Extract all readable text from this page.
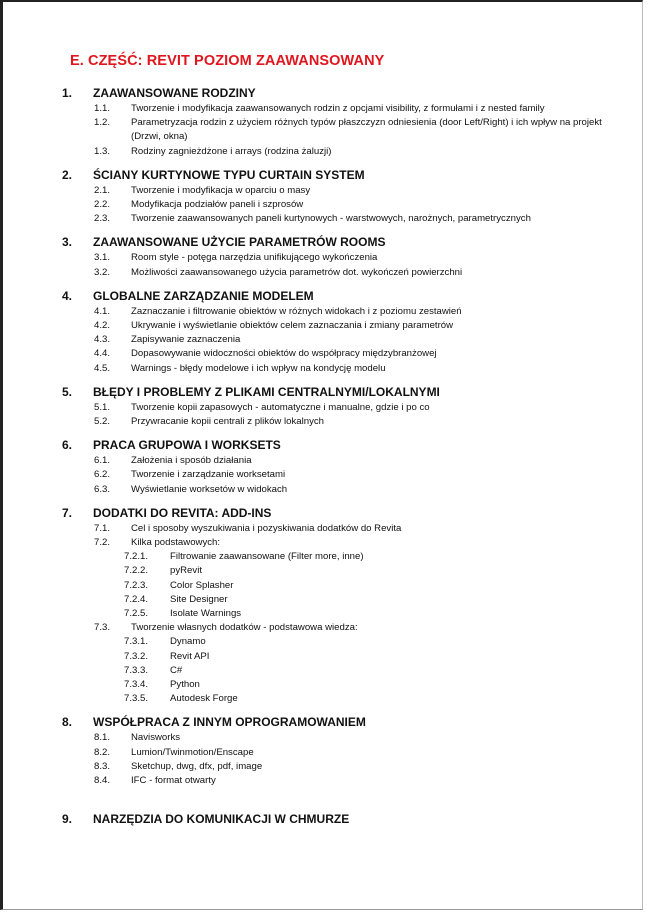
E. CZĘŚĆ: REVIT POZIOM ZAAWANSOWANY
1. ZAAWANSOWANE RODZINY
1.1. Tworzenie i modyfikacja zaawansowanych rodzin z opcjami visibility, z formułami i z nested family
1.2. Parametryzacja rodzin z użyciem różnych typów płaszczyzn odniesienia (door Left/Right) i ich wpływ na projekt (Drzwi, okna)
1.3. Rodziny zagnieżdżone i arrays (rodzina żaluzji)
2. ŚCIANY KURTYNOWE TYPU CURTAIN SYSTEM
2.1. Tworzenie i modyfikacja w oparciu o masy
2.2. Modyfikacja podziałów paneli i szprosów
2.3. Tworzenie zaawansowanych paneli kurtynowych - warstwowych, narożnych, parametrycznych
3. ZAAWANSOWANE UŻYCIE PARAMETRÓW ROOMS
3.1. Room style - potęga narzędzia unifikującego wykończenia
3.2. Możliwości zaawansowanego użycia parametrów dot. wykończeń powierzchni
4. GLOBALNE ZARZĄDZANIE MODELEM
4.1. Zaznaczanie i filtrowanie obiektów w różnych widokach i z poziomu zestawień
4.2. Ukrywanie i wyświetlanie obiektów celem zaznaczania i zmiany parametrów
4.3. Zapisywanie zaznaczenia
4.4. Dopasowywanie widoczności obiektów do współpracy międzybranżowej
4.5. Warnings - błędy modelowe i ich wpływ na kondycję modelu
5. BŁĘDY I PROBLEMY Z PLIKAMI CENTRALNYMI/LOKALNYMI
5.1. Tworzenie kopii zapasowych - automatyczne i manualne, gdzie i po co
5.2. Przywracanie kopii centrali z plików lokalnych
6. PRACA GRUPOWA I WORKSETS
6.1. Założenia i sposób działania
6.2. Tworzenie i zarządzanie worksetami
6.3. Wyświetlanie worksetów w widokach
7. DODATKI DO REVITA: ADD-INS
7.1. Cel i sposoby wyszukiwania i pozyskiwania dodatków do Revita
7.2. Kilka podstawowych:
7.2.1. Filtrowanie zaawansowane (Filter more, inne)
7.2.2. pyRevit
7.2.3. Color Splasher
7.2.4. Site Designer
7.2.5. Isolate Warnings
7.3. Tworzenie własnych dodatków - podstawowa wiedza:
7.3.1. Dynamo
7.3.2. Revit API
7.3.3. C#
7.3.4. Python
7.3.5. Autodesk Forge
8. WSPÓŁPRACA Z INNYM OPROGRAMOWANIEM
8.1. Navisworks
8.2. Lumion/Twinmotion/Enscape
8.3. Sketchup, dwg, dfx, pdf, image
8.4. IFC - format otwarty
9. NARZĘDZIA DO KOMUNIKACJI W CHMURZE
